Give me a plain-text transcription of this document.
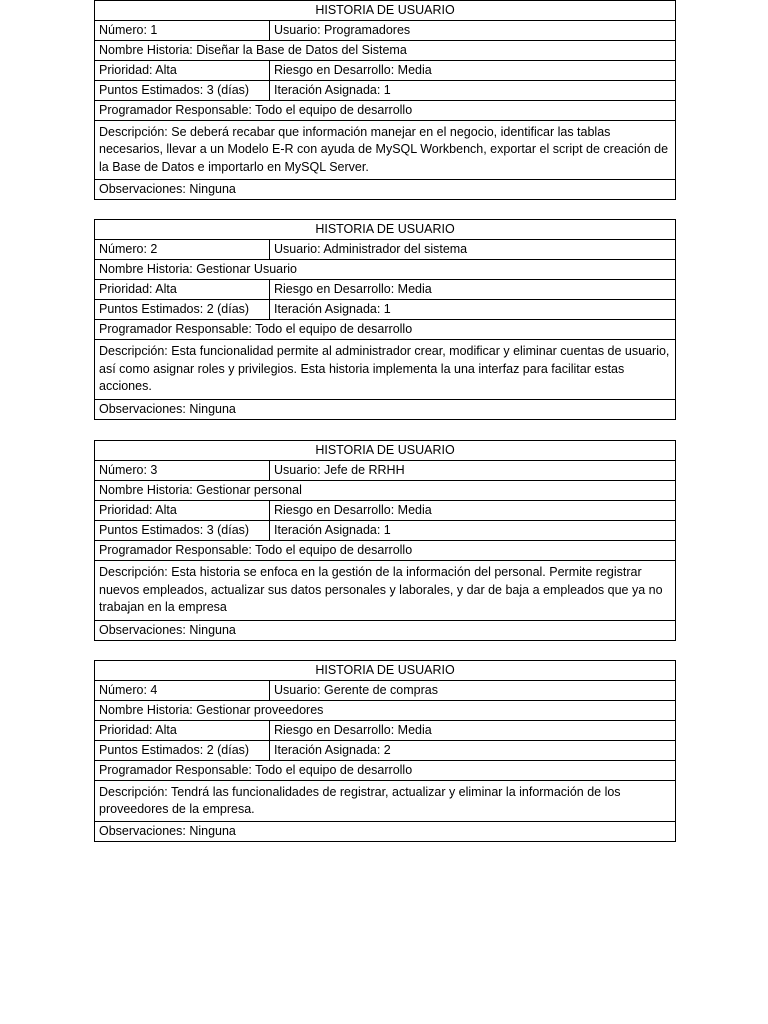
HISTORIA DE USUARIO	
Número: 1	Usuario: Programadores
Nombre Historia: Diseñar la Base de Datos del Sistema	
Prioridad: Alta	Riesgo en Desarrollo: Media
Puntos Estimados: 3 (días)	Iteración Asignada: 1
Programador Responsable: Todo el equipo de desarrollo	
Descripción: Se deberá recabar que información manejar en el negocio, identificar las tablas necesarios, llevar a un Modelo E-R con ayuda de MySQL Workbench, exportar el script de creación de la Base de Datos e importarlo en MySQL Server.	
Observaciones: Ninguna	
HISTORIA DE USUARIO	
Número: 2	Usuario: Administrador del sistema
Nombre Historia: Gestionar Usuario	
Prioridad: Alta	Riesgo en Desarrollo: Media
Puntos Estimados: 2 (días)	Iteración Asignada: 1
Programador Responsable: Todo el equipo de desarrollo	
Descripción: Esta funcionalidad permite al administrador crear, modificar y eliminar cuentas de usuario, así como asignar roles y privilegios. Esta historia implementa la una interfaz para facilitar estas acciones.	
Observaciones: Ninguna	
HISTORIA DE USUARIO	
Número: 3	Usuario: Jefe de RRHH
Nombre Historia: Gestionar personal	
Prioridad: Alta	Riesgo en Desarrollo: Media
Puntos Estimados: 3 (días)	Iteración Asignada: 1
Programador Responsable: Todo el equipo de desarrollo	
Descripción: Esta historia se enfoca en la gestión de la información del personal. Permite registrar nuevos empleados, actualizar sus datos personales y laborales, y dar de baja a empleados que ya no trabajan en la empresa	
Observaciones: Ninguna	
HISTORIA DE USUARIO	
Número: 4	Usuario: Gerente de compras
Nombre Historia: Gestionar proveedores	
Prioridad: Alta	Riesgo en Desarrollo: Media
Puntos Estimados: 2 (días)	Iteración Asignada: 2
Programador Responsable: Todo el equipo de desarrollo	
Descripción: Tendrá las funcionalidades de registrar, actualizar y eliminar la información de los proveedores de la empresa.	
Observaciones: Ninguna	
